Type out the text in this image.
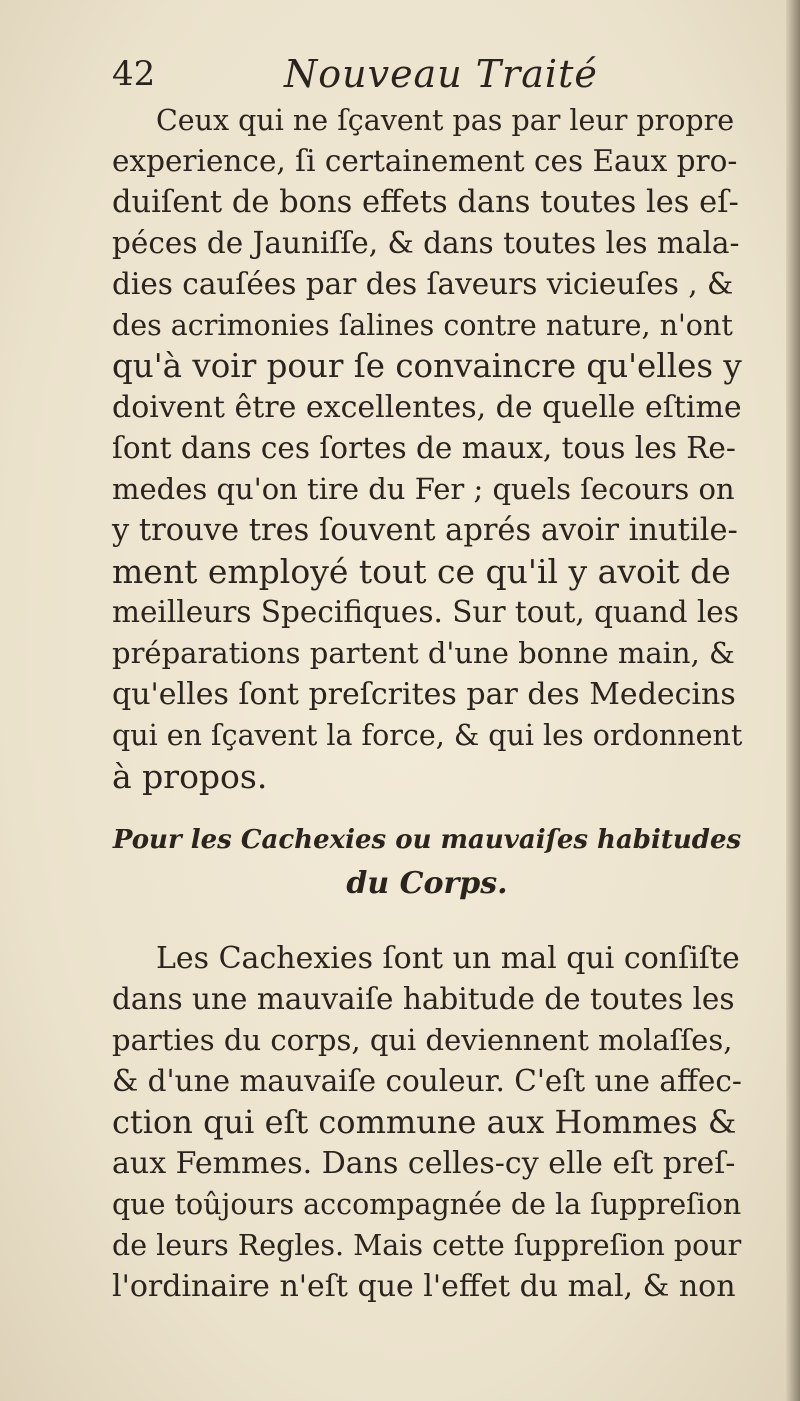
42	Nouveau Traité
Ceux qui ne ſçavent pas par leur propre
experience, ſi certainement ces Eaux pro-
duiſent de bons effets dans toutes les eſ-
péces de Jauniſſe, & dans toutes les mala-
dies cauſées par des ſaveurs vicieuſes , &
des acrimonies ſalines contre nature, n'ont
qu'à voir pour ſe convaincre qu'elles y
doivent être excellentes, de quelle eſtime
ſont dans ces ſortes de maux, tous les Re-
medes qu'on tire du Fer ; quels ſecours on
y trouve tres ſouvent aprés avoir inutile-
ment employé tout ce qu'il y avoit de
meilleurs Specifiques. Sur tout, quand les
préparations partent d'une bonne main, &
qu'elles ſont preſcrites par des Medecins
qui en ſçavent la force, & qui les ordonnent
à propos.
Pour les Cachexies ou mauvaiſes habitudes
du Corps.
Les Cachexies ſont un mal qui conſiſte
dans une mauvaiſe habitude de toutes les
parties du corps, qui deviennent molaſſes,
& d'une mauvaiſe couleur. C'eſt une affec-
ction qui eſt commune aux Hommes &
aux Femmes. Dans celles-cy elle eſt preſ-
que toûjours accompagnée de la ſuppreſion
de leurs Regles. Mais cette ſuppreſion pour
l'ordinaire n'eſt que l'effet du mal, & non
